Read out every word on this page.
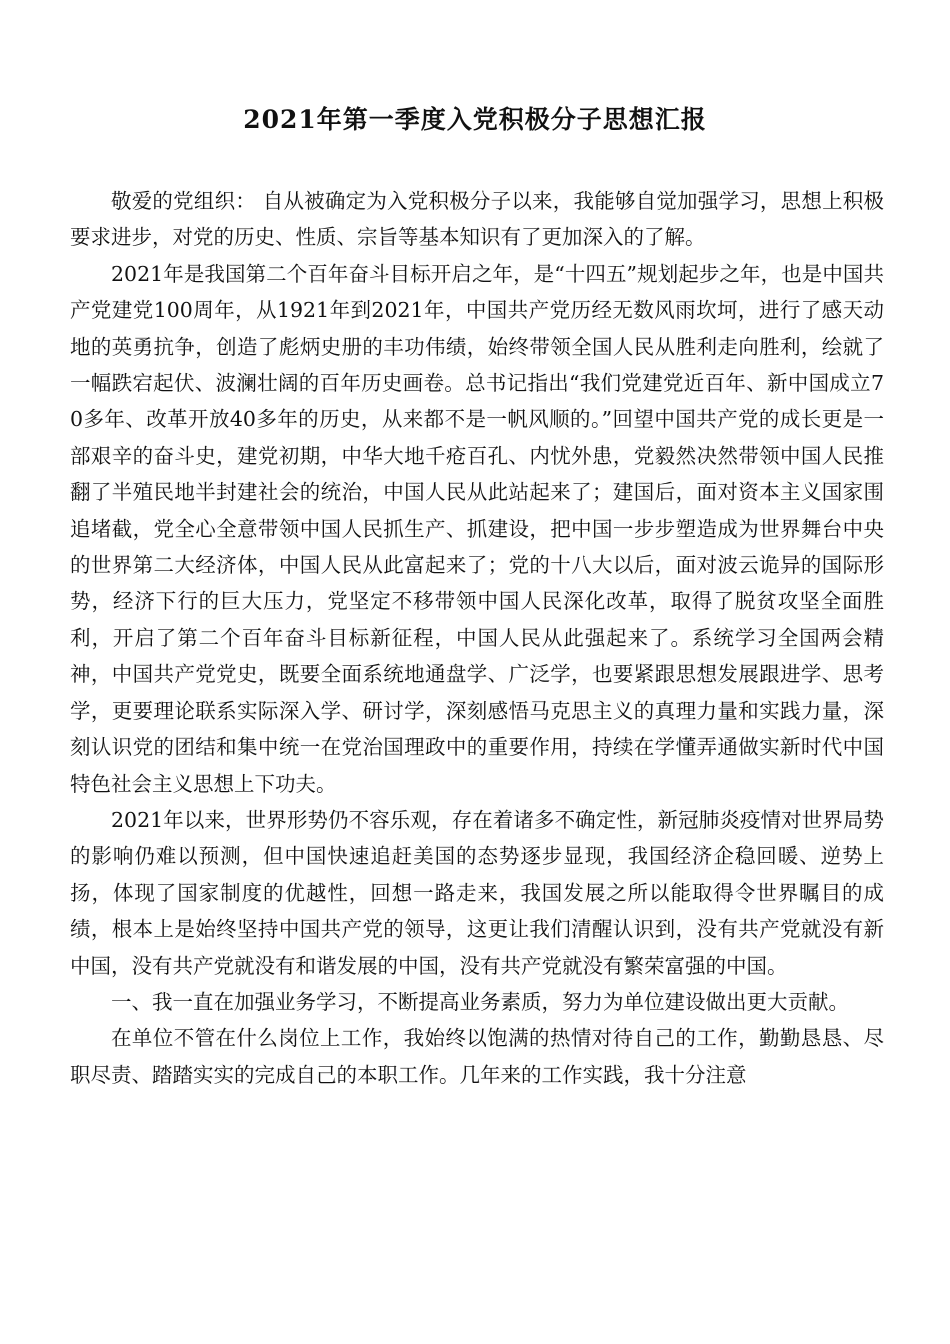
2021年第一季度入党积极分子思想汇报

敬爱的党组织： 自从被确定为入党积极分子以来，我能够自觉加强学习，思想上积极要求进步，对党的历史、性质、宗旨等基本知识有了更加深入的了解。

2021年是我国第二个百年奋斗目标开启之年，是“十四五”规划起步之年，也是中国共产党建党100周年，从1921年到2021年，中国共产党历经无数风雨坎坷，进行了感天动地的英勇抗争，创造了彪炳史册的丰功伟绩，始终带领全国人民从胜利走向胜利，绘就了一幅跌宕起伏、波澜壮阔的百年历史画卷。总书记指出“我们党建党近百年、新中国成立70多年、改革开放40多年的历史，从来都不是一帆风顺的。”回望中国共产党的成长更是一部艰辛的奋斗史，建党初期，中华大地千疮百孔、内忧外患，党毅然决然带领中国人民推翻了半殖民地半封建社会的统治，中国人民从此站起来了；建国后，面对资本主义国家围追堵截，党全心全意带领中国人民抓生产、抓建设，把中国一步步塑造成为世界舞台中央的世界第二大经济体，中国人民从此富起来了；党的十八大以后，面对波云诡异的国际形势，经济下行的巨大压力，党坚定不移带领中国人民深化改革，取得了脱贫攻坚全面胜利，开启了第二个百年奋斗目标新征程，中国人民从此强起来了。系统学习全国两会精神，中国共产党党史，既要全面系统地通盘学、广泛学，也要紧跟思想发展跟进学、思考学，更要理论联系实际深入学、研讨学，深刻感悟马克思主义的真理力量和实践力量，深刻认识党的团结和集中统一在党治国理政中的重要作用，持续在学懂弄通做实新时代中国特色社会主义思想上下功夫。

2021年以来，世界形势仍不容乐观，存在着诸多不确定性，新冠肺炎疫情对世界局势的影响仍难以预测，但中国快速追赶美国的态势逐步显现，我国经济企稳回暖、逆势上扬，体现了国家制度的优越性，回想一路走来，我国发展之所以能取得令世界瞩目的成绩，根本上是始终坚持中国共产党的领导，这更让我们清醒认识到，没有共产党就没有新中国，没有共产党就没有和谐发展的中国，没有共产党就没有繁荣富强的中国。

一、我一直在加强业务学习，不断提高业务素质，努力为单位建设做出更大贡献。

在单位不管在什么岗位上工作，我始终以饱满的热情对待自己的工作，勤勤恳恳、尽职尽责、踏踏实实的完成自己的本职工作。几年来的工作实践，我十分注意
